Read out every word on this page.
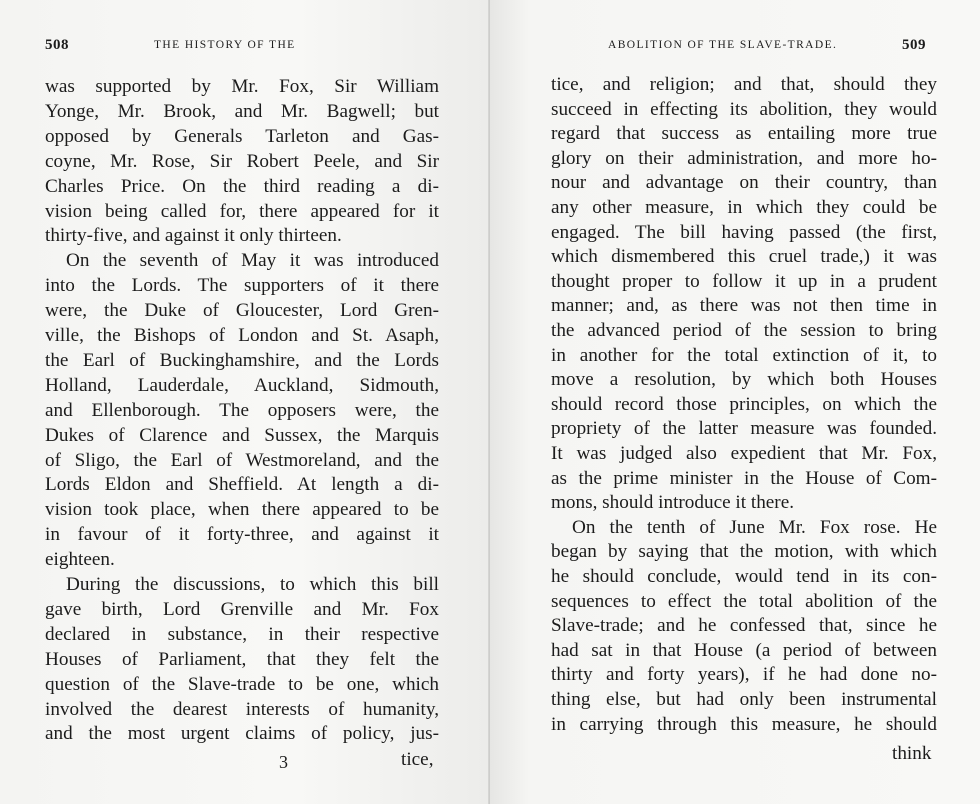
508	THE HISTORY OF THE
was supported by Mr. Fox, Sir William
Yonge, Mr. Brook, and Mr. Bagwell; but
opposed by Generals Tarleton and Gas-
coyne, Mr. Rose, Sir Robert Peele, and Sir
Charles Price. On the third reading a di-
vision being called for, there appeared for it
thirty-five, and against it only thirteen.
On the seventh of May it was introduced
into the Lords. The supporters of it there
were, the Duke of Gloucester, Lord Gren-
ville, the Bishops of London and St. Asaph,
the Earl of Buckinghamshire, and the Lords
Holland, Lauderdale, Auckland, Sidmouth,
and Ellenborough. The opposers were, the
Dukes of Clarence and Sussex, the Marquis
of Sligo, the Earl of Westmoreland, and the
Lords Eldon and Sheffield. At length a di-
vision took place, when there appeared to be
in favour of it forty-three, and against it
eighteen.
During the discussions, to which this bill
gave birth, Lord Grenville and Mr. Fox
declared in substance, in their respective
Houses of Parliament, that they felt the
question of the Slave-trade to be one, which
involved the dearest interests of humanity,
and the most urgent claims of policy, jus-
3	tice,
ABOLITION OF THE SLAVE-TRADE.	509
tice, and religion; and that, should they
succeed in effecting its abolition, they would
regard that success as entailing more true
glory on their administration, and more ho-
nour and advantage on their country, than
any other measure, in which they could be
engaged. The bill having passed (the first,
which dismembered this cruel trade,) it was
thought proper to follow it up in a prudent
manner; and, as there was not then time in
the advanced period of the session to bring
in another for the total extinction of it, to
move a resolution, by which both Houses
should record those principles, on which the
propriety of the latter measure was founded.
It was judged also expedient that Mr. Fox,
as the prime minister in the House of Com-
mons, should introduce it there.
On the tenth of June Mr. Fox rose. He
began by saying that the motion, with which
he should conclude, would tend in its con-
sequences to effect the total abolition of the
Slave-trade; and he confessed that, since he
had sat in that House (a period of between
thirty and forty years), if he had done no-
thing else, but had only been instrumental
in carrying through this measure, he should
think
